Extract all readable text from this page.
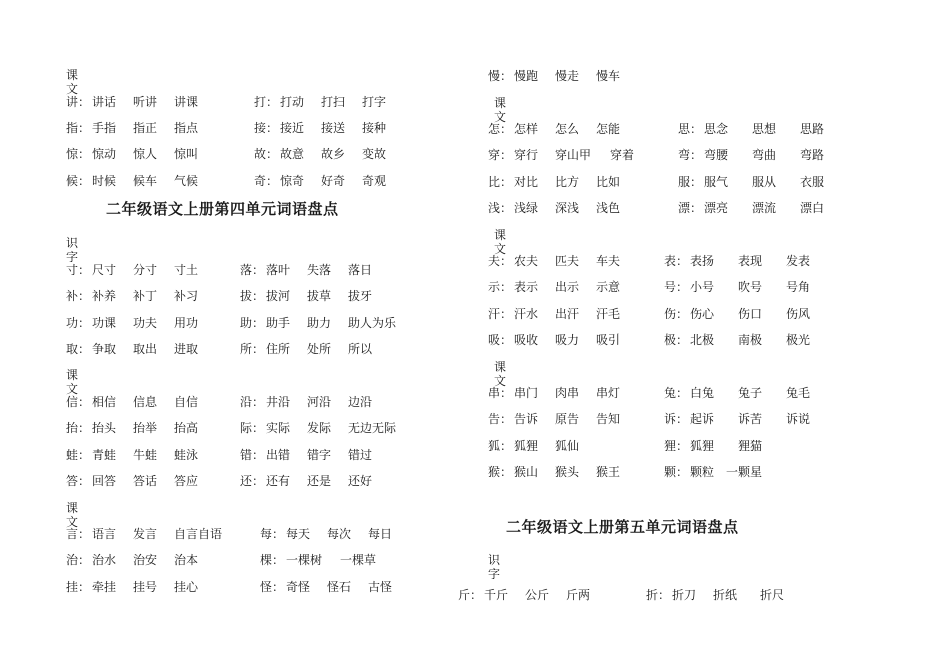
课文
讲： 讲话	听讲	讲课	打： 打动	打扫	打字
指： 手指	指正	指点	接： 接近	接送	接种
惊： 惊动	惊人	惊叫	故： 故意	故乡	变故
候： 时候	候车	气候	奇： 惊奇	好奇	奇观
二年级语文上册第四单元词语盘点
识字
寸： 尺寸	分寸	寸土	落： 落叶	失落	落日
补： 补养	补丁	补习	拔： 拔河	拔草	拔牙
功： 功课	功夫	用功	助： 助手	助力	助人为乐
取： 争取	取出	进取	所： 住所	处所	所以
课文
信： 相信	信息	自信	沿： 井沿	河沿	边沿
抬： 抬头	抬举	抬高	际： 实际	发际	无边无际
蛙： 青蛙	牛蛙	蛙泳	错： 出错	错字	错过
答： 回答	答话	答应	还： 还有	还是	还好
课文
言： 语言	发言	自言自语	每： 每天	每次	每日
治： 治水	治安	治本	棵： 一棵树	一棵草
挂： 牵挂	挂号	挂心	怪： 奇怪	怪石	古怪
慢： 慢跑	慢走	慢车
课文
怎： 怎样	怎么	怎能	思： 思念	思想	思路
穿： 穿行	穿山甲	穿着	弯： 弯腰	弯曲	弯路
比： 对比	比方	比如	服： 服气	服从	衣服
浅： 浅绿	深浅	浅色	漂： 漂亮	漂流	漂白
课文
夫： 农夫	匹夫	车夫	表： 表扬	表现	发表
示： 表示	出示	示意	号： 小号	吹号	号角
汗： 汗水	出汗	汗毛	伤： 伤心	伤口	伤风
吸： 吸收	吸力	吸引	极： 北极	南极	极光
课文
串： 串门	肉串	串灯	兔： 白兔	兔子	兔毛
告： 告诉	原告	告知	诉： 起诉	诉苦	诉说
狐： 狐狸	狐仙	狸： 狐狸	狸猫
猴： 猴山	猴头	猴王	颗： 颗粒 一颗星
二年级语文上册第五单元词语盘点
识字
斤： 千斤	公斤	斤两	折： 折刀	折纸	折尺
